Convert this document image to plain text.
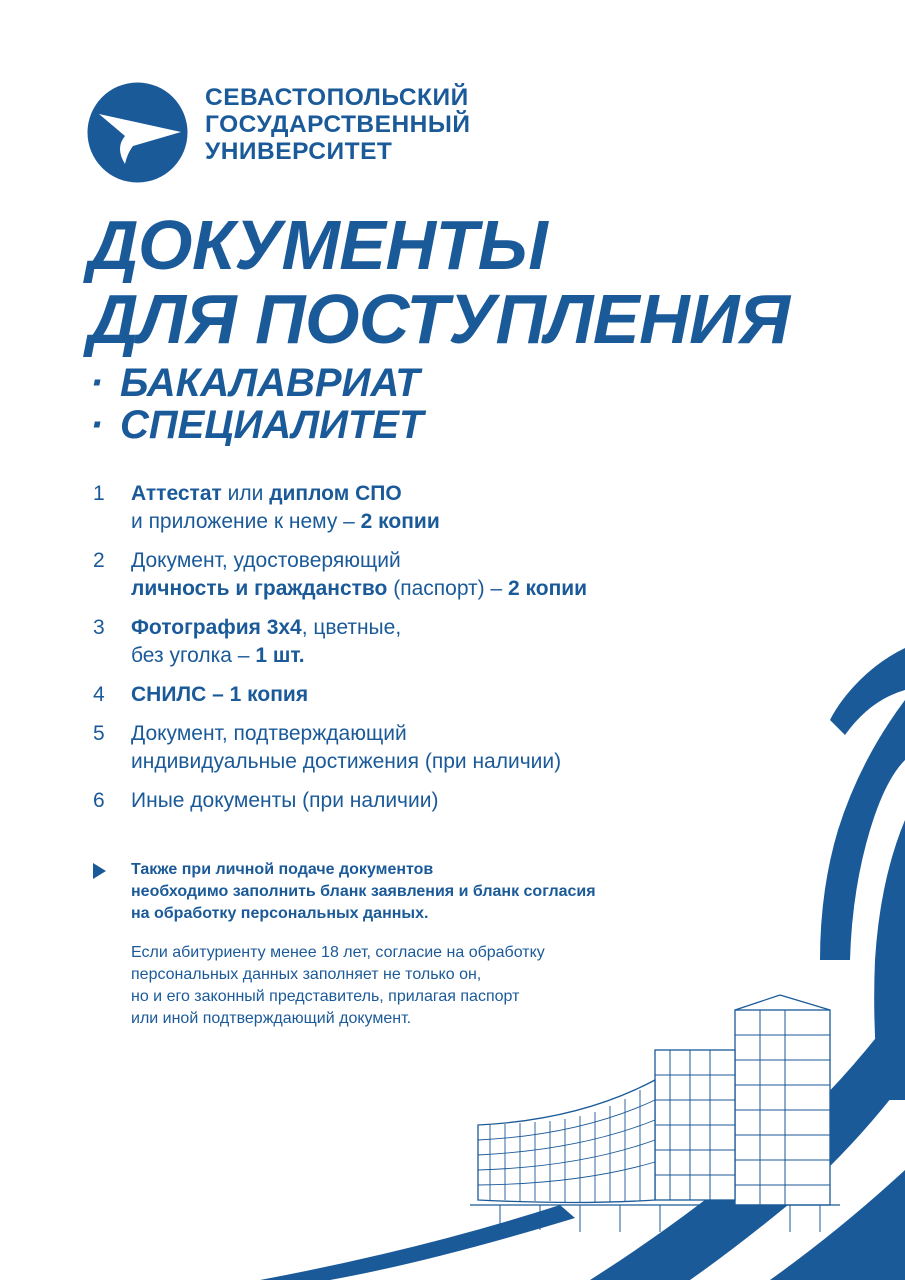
СЕВАСТОПОЛЬСКИЙ
ГОСУДАРСТВЕННЫЙ
УНИВЕРСИТЕТ
ДОКУМЕНТЫ
ДЛЯ ПОСТУПЛЕНИЯ
· БАКАЛАВРИАТ
· СПЕЦИАЛИТЕТ
1	Аттестат или диплом СПО
и приложение к нему – 2 копии
2	Документ, удостоверяющий
личность и гражданство (паспорт) – 2 копии
3	Фотография 3х4, цветные,
без уголка – 1 шт.
4	СНИЛС – 1 копия
5	Документ, подтверждающий
индивидуальные достижения (при наличии)
6	Иные документы (при наличии)
Также при личной подаче документов
необходимо заполнить бланк заявления и бланк согласия
на обработку персональных данных.
Если абитуриенту менее 18 лет, согласие на обработку
персональных данных заполняет не только он,
но и его законный представитель, прилагая паспорт
или иной подтверждающий документ.
